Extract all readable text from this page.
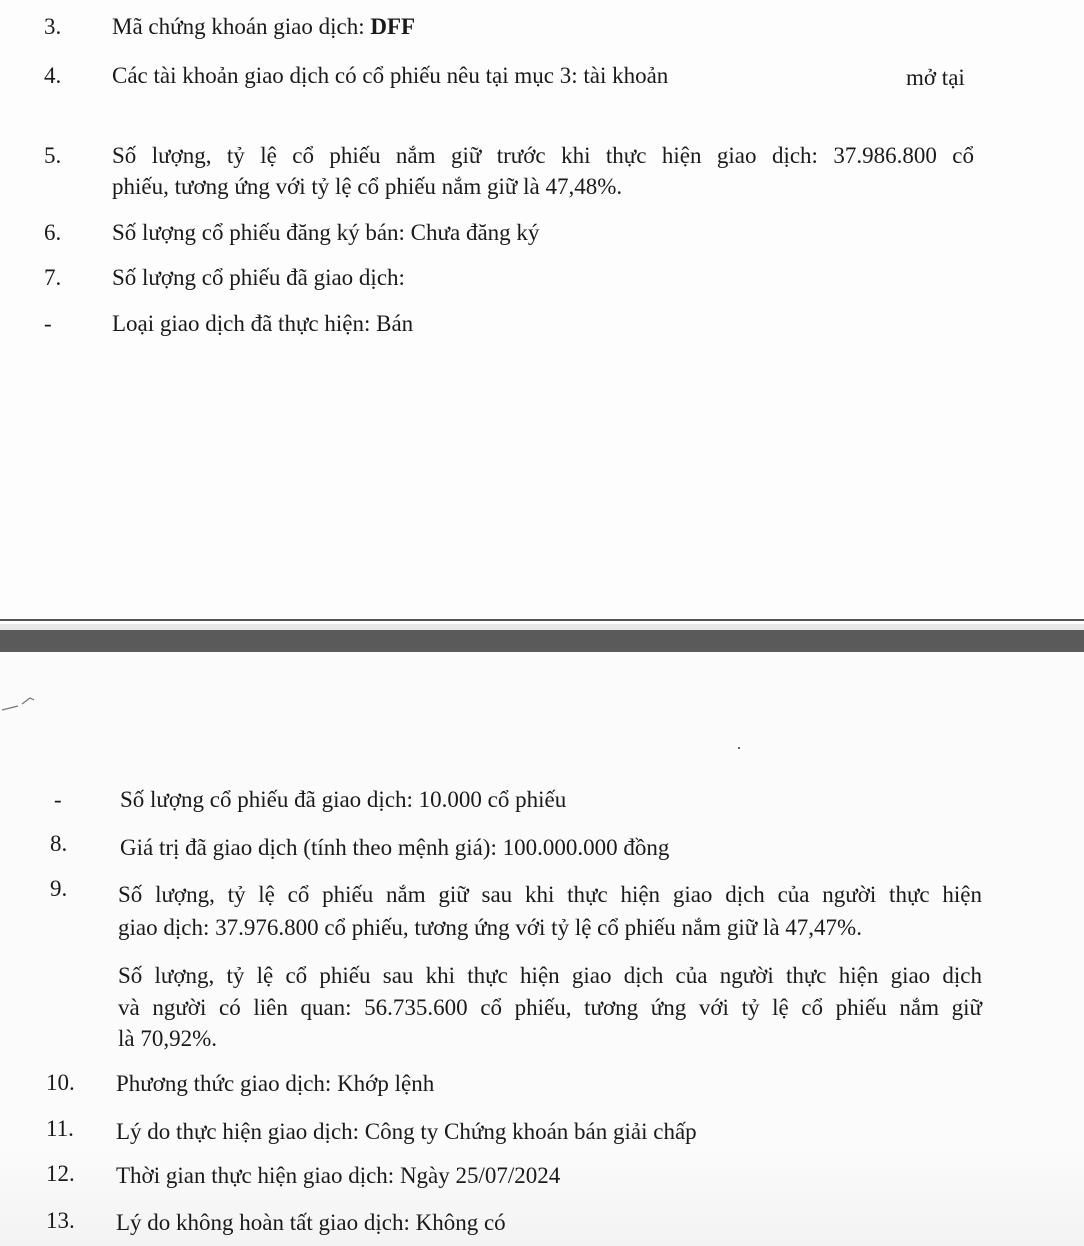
3. Mã chứng khoán giao dịch: DFF
4. Các tài khoản giao dịch có cổ phiếu nêu tại mục 3: tài khoản	mở tại
5. Số lượng, tỷ lệ cổ phiếu nắm giữ trước khi thực hiện giao dịch: 37.986.800 cổ
phiếu, tương ứng với tỷ lệ cổ phiếu nắm giữ là 47,48%.
6. Số lượng cổ phiếu đăng ký bán: Chưa đăng ký
7. Số lượng cổ phiếu đã giao dịch:
-	Loại giao dịch đã thực hiện: Bán
-	Số lượng cổ phiếu đã giao dịch: 10.000 cổ phiếu
8. Giá trị đã giao dịch (tính theo mệnh giá): 100.000.000 đồng
9. Số lượng, tỷ lệ cổ phiếu nắm giữ sau khi thực hiện giao dịch của người thực hiện
giao dịch: 37.976.800 cổ phiếu, tương ứng với tỷ lệ cổ phiếu nắm giữ là 47,47%.
Số lượng, tỷ lệ cổ phiếu sau khi thực hiện giao dịch của người thực hiện giao dịch
và người có liên quan: 56.735.600 cổ phiếu, tương ứng với tỷ lệ cổ phiếu nắm giữ
là 70,92%.
10. Phương thức giao dịch: Khớp lệnh
11. Lý do thực hiện giao dịch: Công ty Chứng khoán bán giải chấp
12. Thời gian thực hiện giao dịch: Ngày 25/07/2024
13. Lý do không hoàn tất giao dịch: Không có
